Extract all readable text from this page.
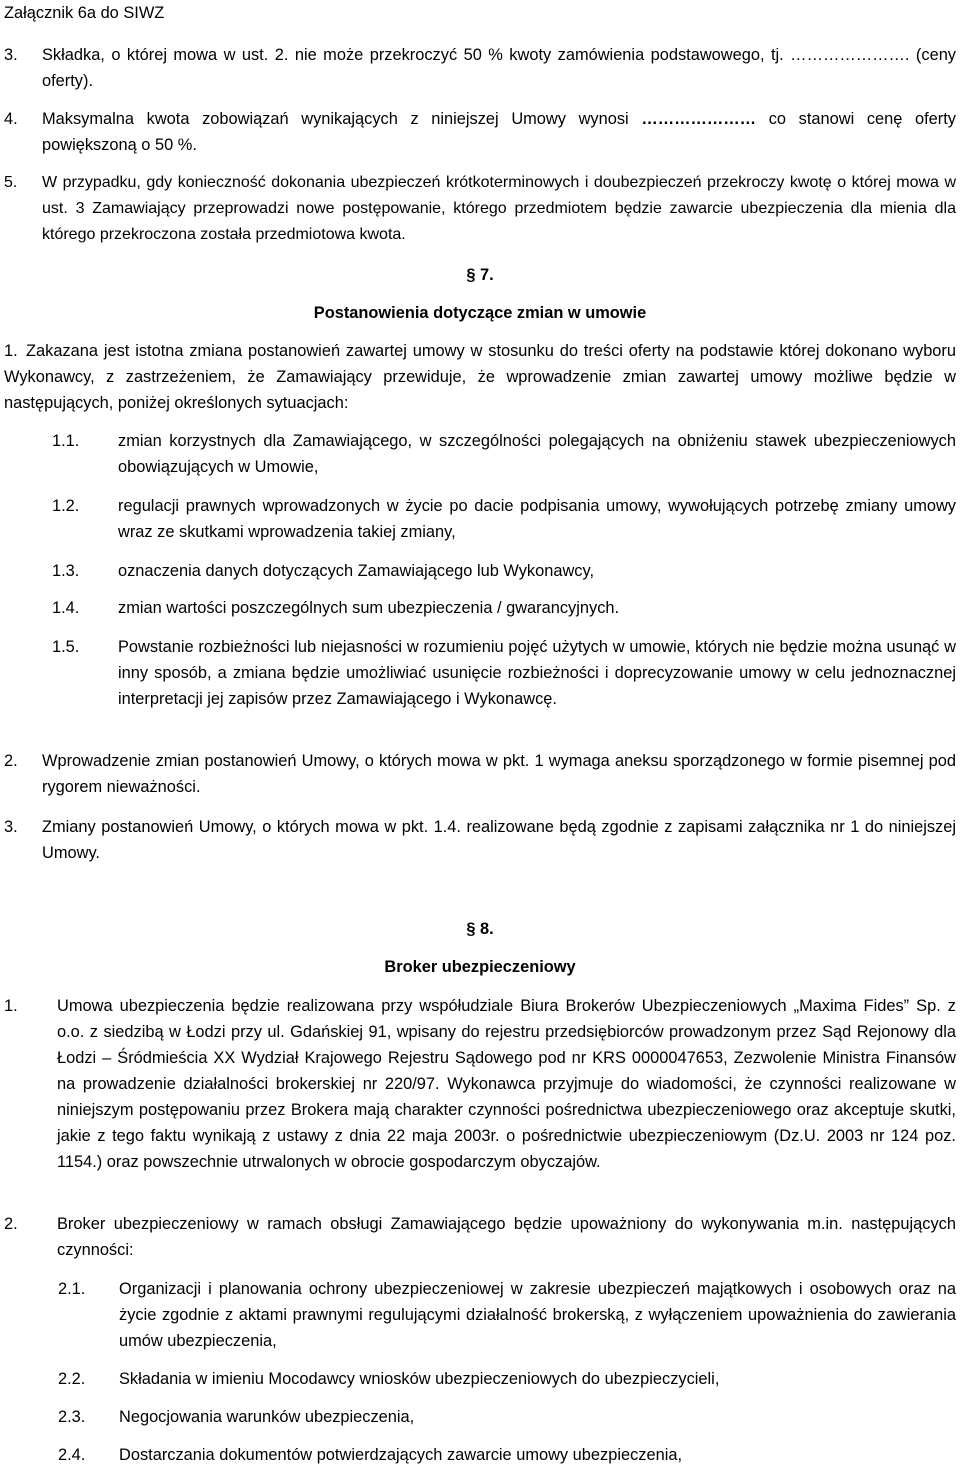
Załącznik 6a do SIWZ
3.	Składka, o której mowa w ust. 2. nie może przekroczyć 50 % kwoty zamówienia podstawowego, tj. …………………. (ceny oferty).
4.	Maksymalna kwota zobowiązań wynikających z niniejszej Umowy wynosi ………………… co stanowi cenę oferty powiększoną o 50 %.
5.	W przypadku, gdy konieczność dokonania ubezpieczeń krótkoterminowych i doubezpieczeń przekroczy kwotę o której mowa w ust. 3 Zamawiający przeprowadzi nowe postępowanie, którego przedmiotem będzie zawarcie ubezpieczenia dla mienia dla którego przekroczona została przedmiotowa kwota.
§ 7.
Postanowienia dotyczące zmian w umowie
1. Zakazana jest istotna zmiana postanowień zawartej umowy w stosunku do treści oferty na podstawie której dokonano wyboru Wykonawcy, z zastrzeżeniem, że Zamawiający przewiduje, że wprowadzenie zmian zawartej umowy możliwe będzie w następujących, poniżej określonych sytuacjach:
1.1.	zmian korzystnych dla Zamawiającego, w szczególności polegających na obniżeniu stawek ubezpieczeniowych obowiązujących w Umowie,
1.2.	regulacji prawnych wprowadzonych w życie po dacie podpisania umowy, wywołujących potrzebę zmiany umowy wraz ze skutkami wprowadzenia takiej zmiany,
1.3.	oznaczenia danych dotyczących Zamawiającego lub Wykonawcy,
1.4.	zmian wartości poszczególnych sum ubezpieczenia / gwarancyjnych.
1.5.	Powstanie rozbieżności lub niejasności w rozumieniu pojęć użytych w umowie, których nie będzie można usunąć w inny sposób, a zmiana będzie umożliwiać usunięcie rozbieżności i doprecyzowanie umowy w celu jednoznacznej interpretacji jej zapisów przez Zamawiającego i Wykonawcę.
2.	Wprowadzenie zmian postanowień Umowy, o których mowa w pkt. 1 wymaga aneksu sporządzonego w formie pisemnej pod rygorem nieważności.
3.	Zmiany postanowień Umowy, o których mowa w pkt. 1.4. realizowane będą zgodnie z zapisami załącznika nr 1 do niniejszej Umowy.
§ 8.
Broker ubezpieczeniowy
1.	Umowa ubezpieczenia będzie realizowana przy współudziale Biura Brokerów Ubezpieczeniowych „Maxima Fides” Sp. z o.o. z siedzibą w Łodzi przy ul. Gdańskiej 91, wpisany do rejestru przedsiębiorców prowadzonym przez Sąd Rejonowy dla Łodzi – Śródmieścia XX Wydział Krajowego Rejestru Sądowego pod nr KRS 0000047653, Zezwolenie Ministra Finansów na prowadzenie działalności brokerskiej nr 220/97. Wykonawca przyjmuje do wiadomości, że czynności realizowane w niniejszym postępowaniu przez Brokera mają charakter czynności pośrednictwa ubezpieczeniowego oraz akceptuje skutki, jakie z tego faktu wynikają z ustawy z dnia 22 maja 2003r. o pośrednictwie ubezpieczeniowym (Dz.U. 2003 nr 124 poz. 1154.) oraz powszechnie utrwalonych w obrocie gospodarczym obyczajów.
2.	Broker ubezpieczeniowy w ramach obsługi Zamawiającego będzie upoważniony do wykonywania m.in. następujących czynności:
2.1.	Organizacji i planowania ochrony ubezpieczeniowej w zakresie ubezpieczeń majątkowych i osobowych oraz na życie zgodnie z aktami prawnymi regulującymi działalność brokerską, z wyłączeniem upoważnienia do zawierania umów ubezpieczenia,
2.2.	Składania w imieniu Mocodawcy wniosków ubezpieczeniowych do ubezpieczycieli,
2.3.	Negocjowania warunków ubezpieczenia,
2.4.	Dostarczania dokumentów potwierdzających zawarcie umowy ubezpieczenia,
